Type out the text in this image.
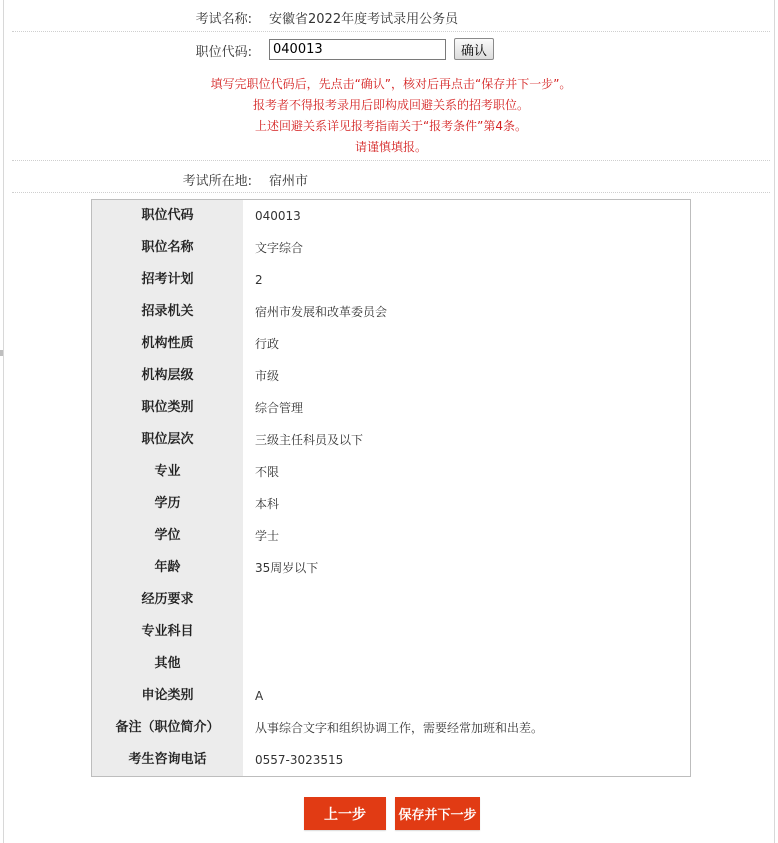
考试名称: 安徽省2022年度考试录用公务员
职位代码:
040013	确认
填写完职位代码后，先点击“确认”，核对后再点击“保存并下一步”。
报考者不得报考录用后即构成回避关系的招考职位。
上述回避关系详见报考指南关于“报考条件”第4条。
请谨慎填报。
考试所在地: 宿州市
职位代码	040013
职位名称	文字综合
招考计划	2
招录机关	宿州市发展和改革委员会
机构性质	行政
机构层级	市级
职位类别	综合管理
职位层次	三级主任科员及以下
专业	不限
学历	本科
学位	学士
年龄	35周岁以下
经历要求
专业科目
其他
申论类别	A
备注（职位简介）	从事综合文字和组织协调工作，需要经常加班和出差。
考生咨询电话	0557-3023515
上一步	保存并下一步
